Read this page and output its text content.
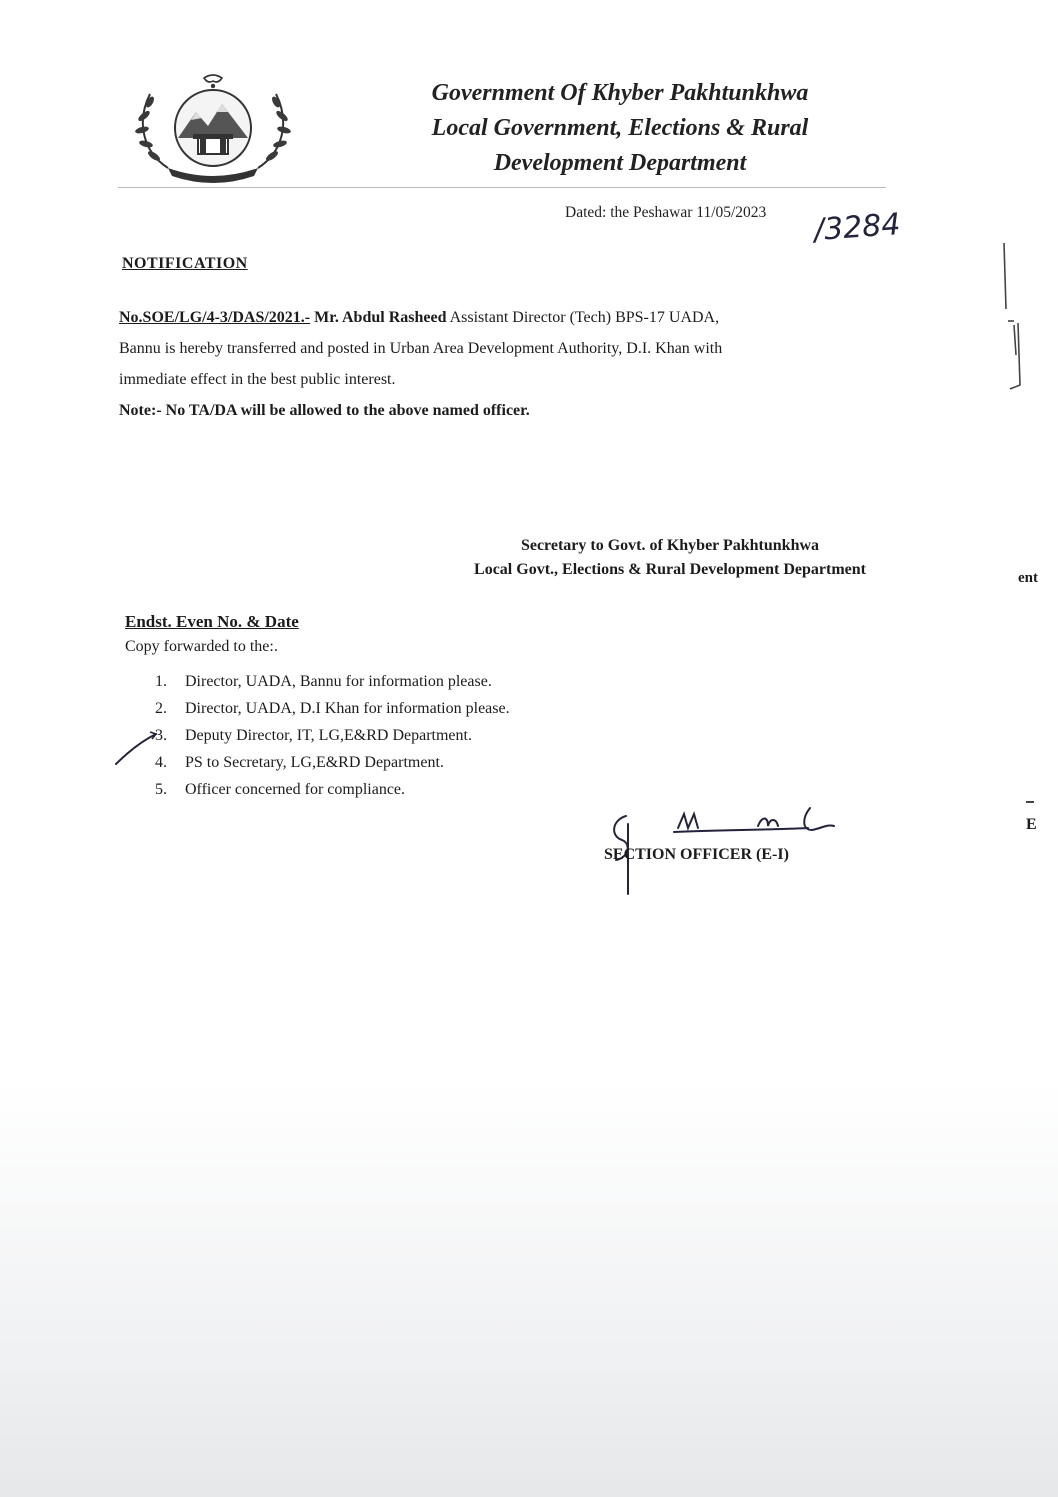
Government Of Khyber Pakhtunkhwa
Local Government, Elections & Rural
Development Department
Dated: the Peshawar 11/05/2023 /3284
NOTIFICATION

No.SOE/LG/4-3/DAS/2021.- Mr. Abdul Rasheed Assistant Director (Tech) BPS-17 UADA,

Bannu is hereby transferred and posted in Urban Area Development Authority, D.I. Khan with

immediate effect in the best public interest.

Note:- No TA/DA will be allowed to the above named officer.

Secretary to Govt. of Khyber Pakhtunkhwa
Local Govt., Elections & Rural Development Department
Endst. Even No. & Date
Copy forwarded to the:.
1. Director, UADA, Bannu for information please.
2. Director, UADA, D.I Khan for information please.
3. Deputy Director, IT, LG,E&RD Department.
4. PS to Secretary, LG,E&RD Department.
5. Officer concerned for compliance.
SECTION OFFICER (E-I)
ent
E
